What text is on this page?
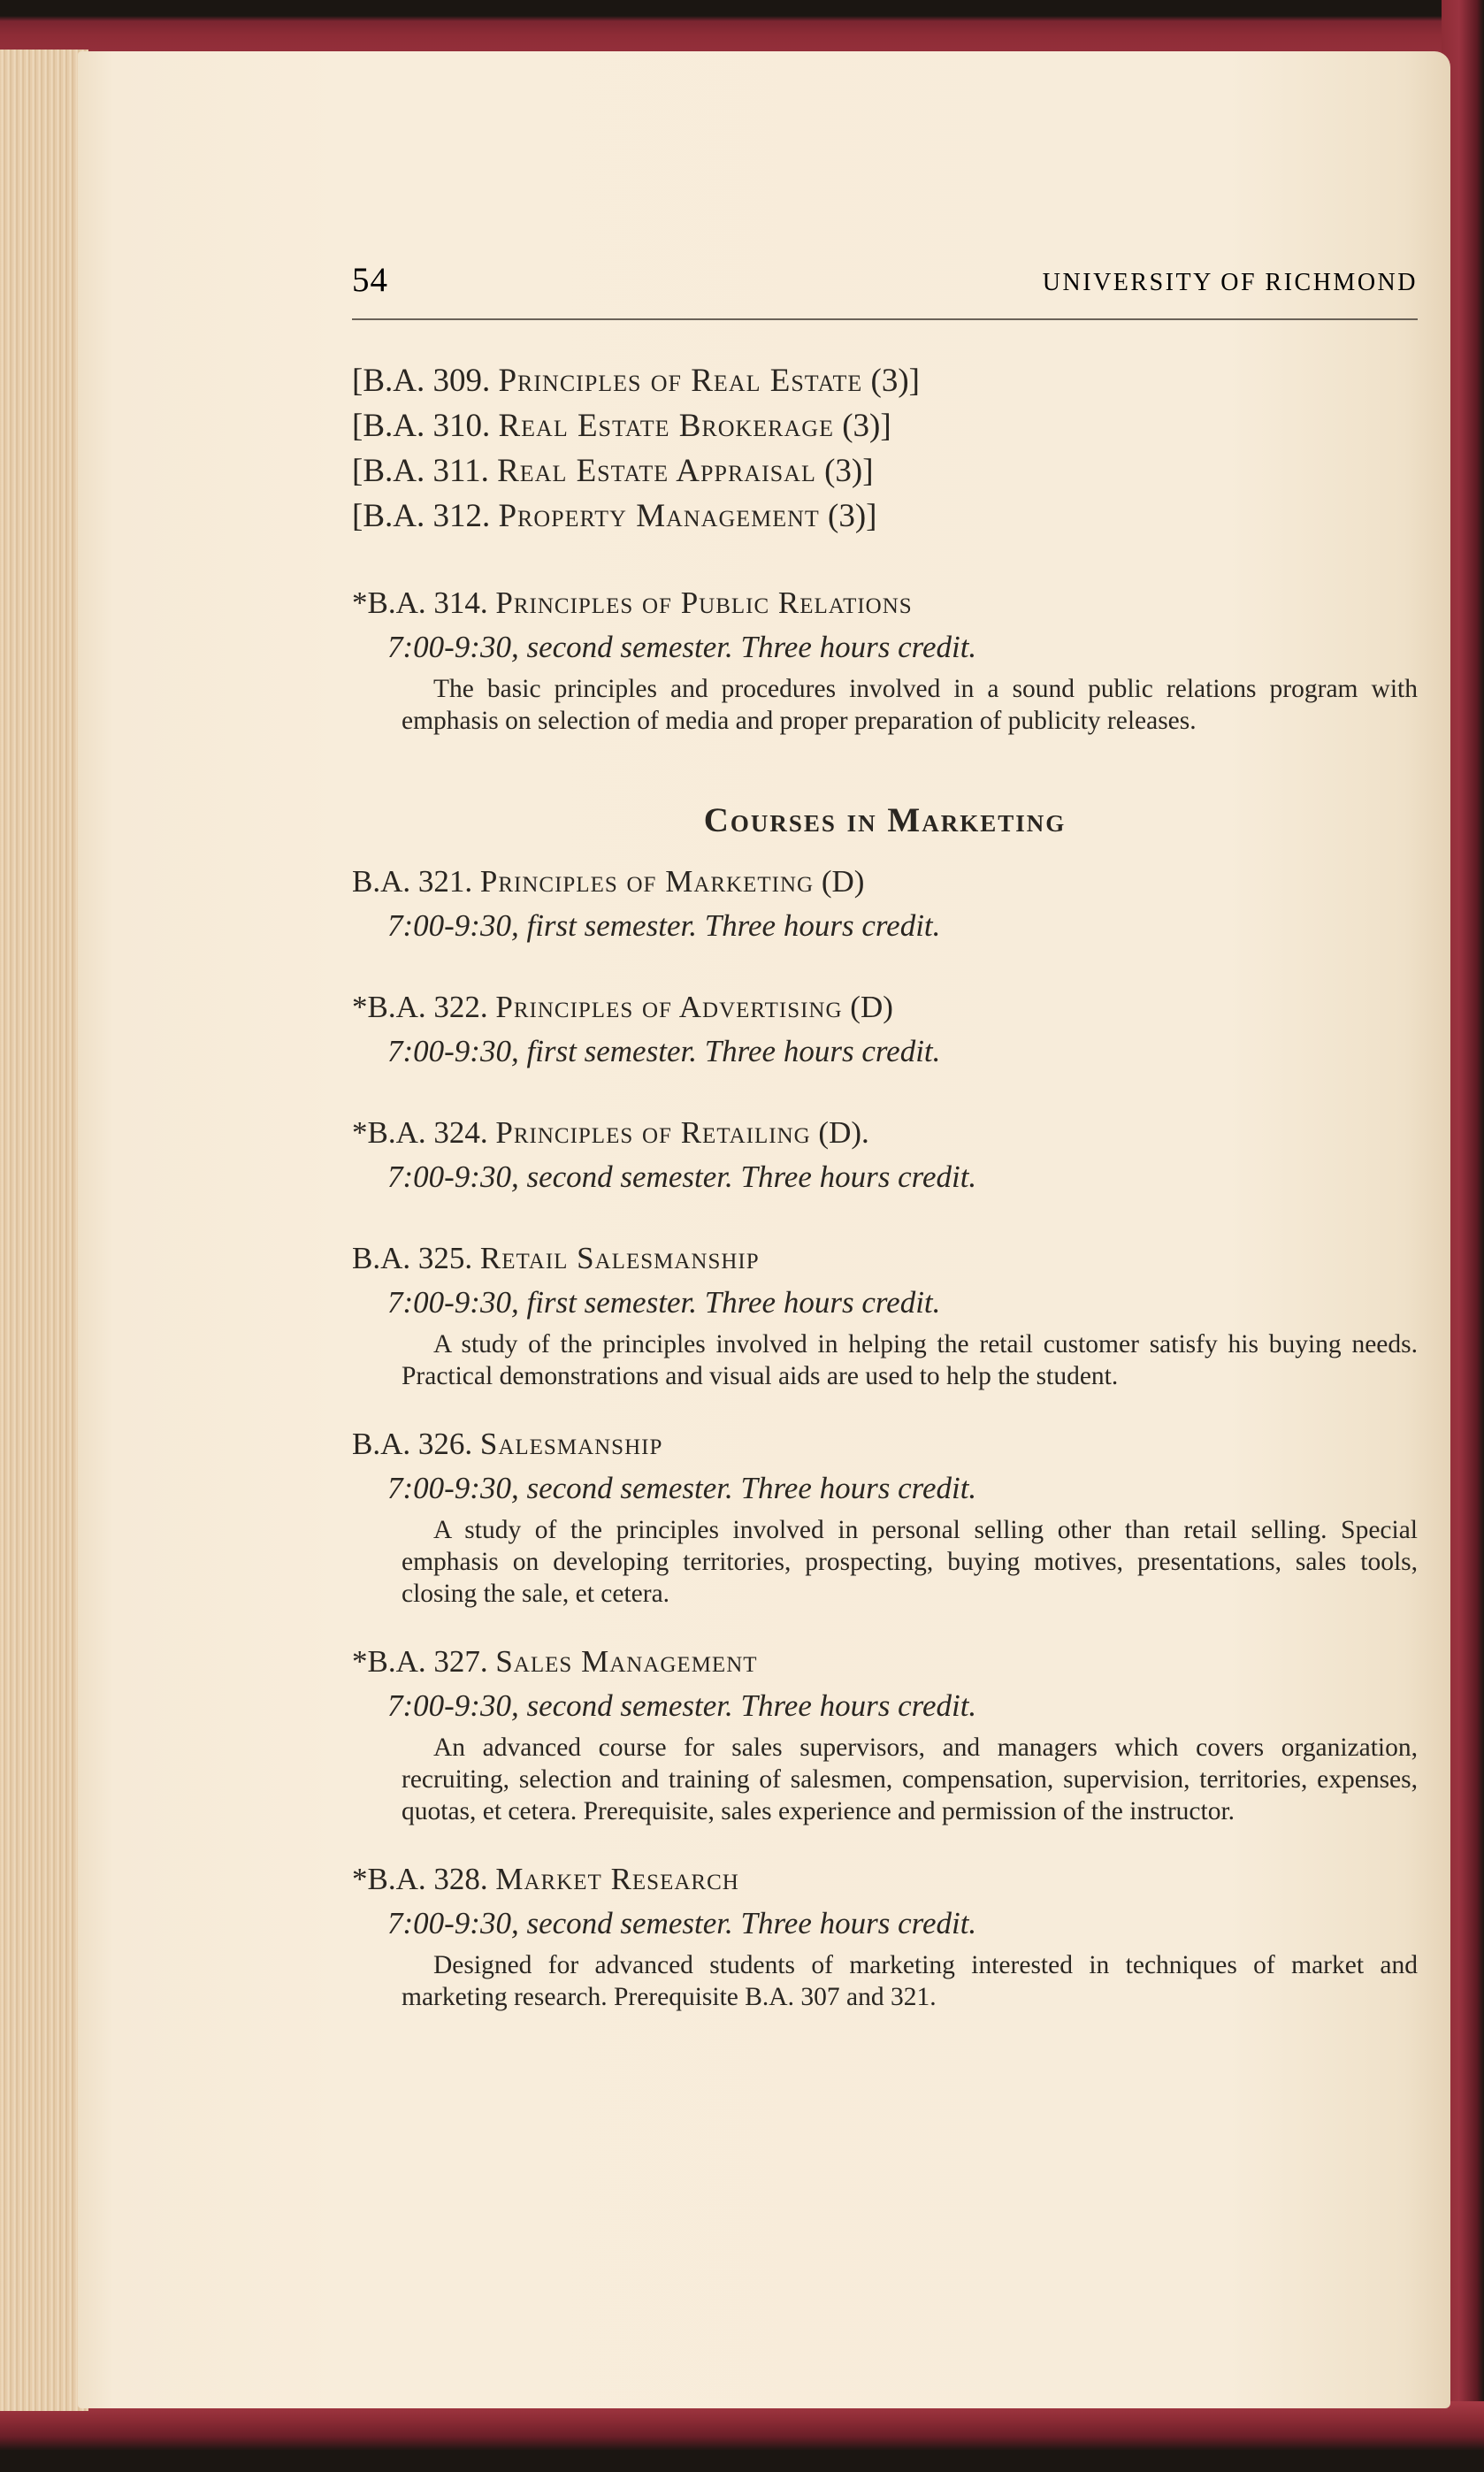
54	UNIVERSITY OF RICHMOND
[B.A. 309. Principles of Real Estate (3)]
[B.A. 310. Real Estate Brokerage (3)]
[B.A. 311. Real Estate Appraisal (3)]
[B.A. 312. Property Management (3)]
*B.A. 314. Principles of Public Relations
7:00-9:30, second semester. Three hours credit.

The basic principles and procedures involved in a sound public relations program with emphasis on selection of media and proper preparation of publicity releases.

Courses in Marketing
B.A. 321. Principles of Marketing (D)
7:00-9:30, first semester. Three hours credit.
*B.A. 322. Principles of Advertising (D)
7:00-9:30, first semester. Three hours credit.
*B.A. 324. Principles of Retailing (D).
7:00-9:30, second semester. Three hours credit.
B.A. 325. Retail Salesmanship
7:00-9:30, first semester. Three hours credit.

A study of the principles involved in helping the retail customer satisfy his buying needs. Practical demonstrations and visual aids are used to help the student.

B.A. 326. Salesmanship
7:00-9:30, second semester. Three hours credit.

A study of the principles involved in personal selling other than retail selling. Special emphasis on developing territories, prospecting, buying motives, presentations, sales tools, closing the sale, et cetera.

*B.A. 327. Sales Management
7:00-9:30, second semester. Three hours credit.

An advanced course for sales supervisors, and managers which covers organization, recruiting, selection and training of salesmen, compensation, supervision, territories, expenses, quotas, et cetera. Prerequisite, sales experience and permission of the instructor.

*B.A. 328. Market Research
7:00-9:30, second semester. Three hours credit.

Designed for advanced students of marketing interested in techniques of market and marketing research. Prerequisite B.A. 307 and 321.
